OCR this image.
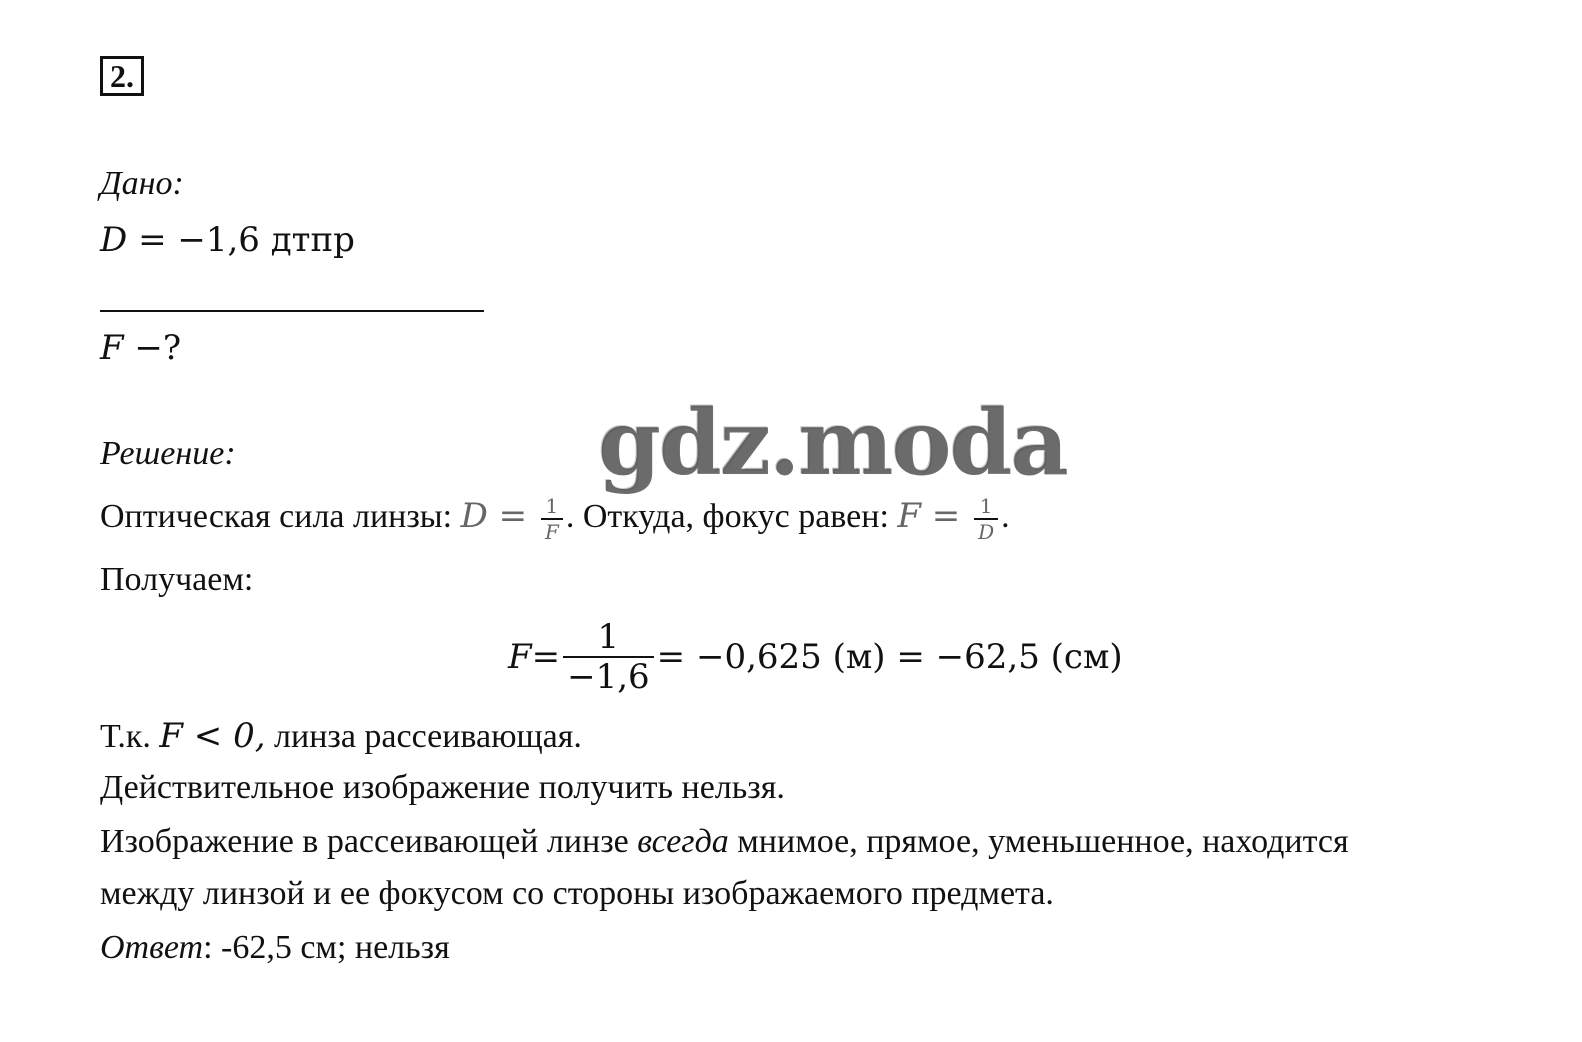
2.
Дано:
D = −1,6 дтпр
F −?
Решение:
Оптическая сила линзы: $D = \frac{1}{F}$ . Откуда, фокус равен: $F = \frac{1}{D}$ .
Получаем:
$F = \frac{1}{-1,6} = -0,625$ (м) = −62,5 (см)
Т.к. F < 0, линза рассеивающая.
Действительное изображение получить нельзя.
Изображение в рассеивающей линзе всегда мнимое, прямое, уменьшенное, находится
между линзой и ее фокусом со стороны изображаемого предмета.
Ответ: -62,5 см; нельзя
gdz.moda
